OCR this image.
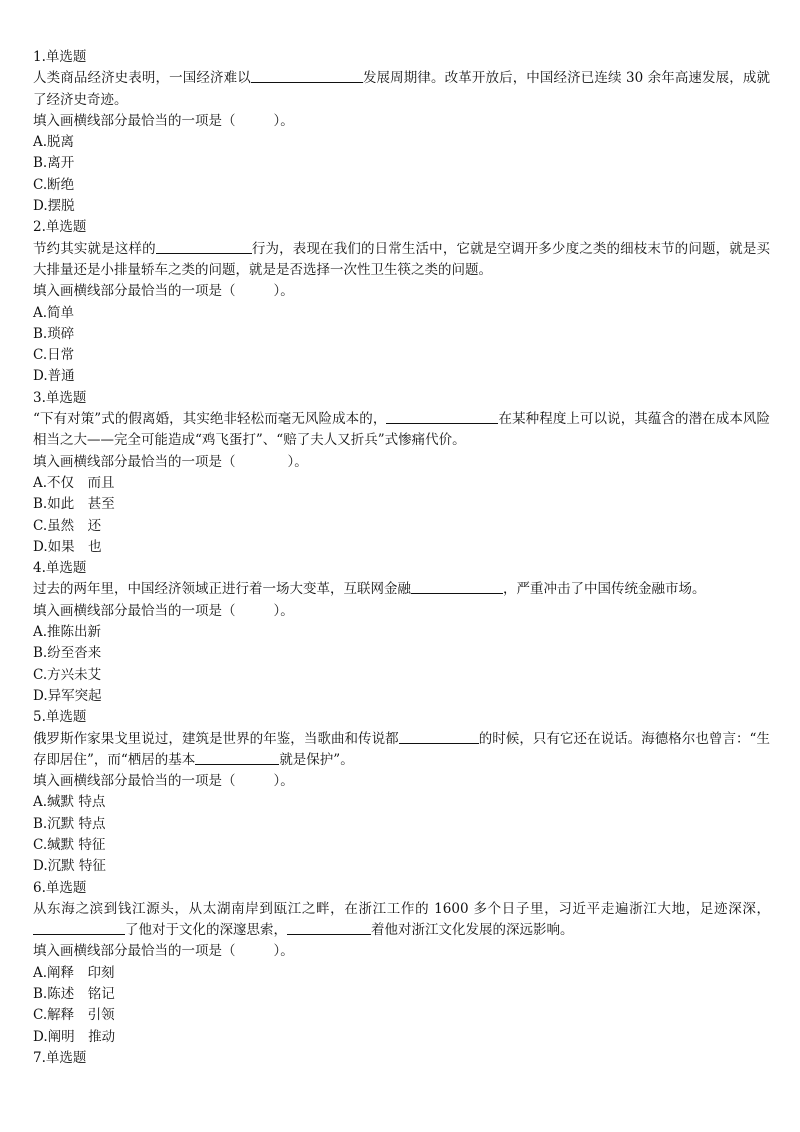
1.单选题
人类商品经济史表明，一国经济难以	发展周期律。改革开放后，中国经济已连续 30 余年高速发展，成就了经济史奇迹。
填入画横线部分最恰当的一项是（	）。
A.脱离
B.离开
C.断绝
D.摆脱
2.单选题
节约其实就是这样的	行为，表现在我们的日常生活中，它就是空调开多少度之类的细枝末节的问题，就是买大排量还是小排量轿车之类的问题，就是是否选择一次性卫生筷之类的问题。
填入画横线部分最恰当的一项是（	）。
A.简单
B.琐碎
C.日常
D.普通
3.单选题
“下有对策”式的假离婚，其实绝非轻松而毫无风险成本的，	在某种程度上可以说，其蕴含的潜在成本风险相当之大——完全可能造成“鸡飞蛋打”、“赔了夫人又折兵”式惨痛代价。
填入画横线部分最恰当的一项是（	）。
A.不仅　而且
B.如此　甚至
C.虽然　还
D.如果　也
4.单选题
过去的两年里，中国经济领域正进行着一场大变革，互联网金融	，严重冲击了中国传统金融市场。
填入画横线部分最恰当的一项是（	）。
A.推陈出新
B.纷至沓来
C.方兴未艾
D.异军突起
5.单选题
俄罗斯作家果戈里说过，建筑是世界的年鉴，当歌曲和传说都	的时候，只有它还在说话。海德格尔也曾言：“生存即居住”，而“栖居的基本	就是保护”。
填入画横线部分最恰当的一项是（	）。
A.缄默 特点
B.沉默 特点
C.缄默 特征
D.沉默 特征
6.单选题
从东海之滨到钱江源头，从太湖南岸到瓯江之畔，在浙江工作的 1600 多个日子里，习近平走遍浙江大地，足迹深深，了他对于文化的深邃思索，	着他对浙江文化发展的深远影响。
填入画横线部分最恰当的一项是（	）。
A.阐释　印刻
B.陈述　铭记
C.解释　引领
D.阐明　推动
7.单选题
